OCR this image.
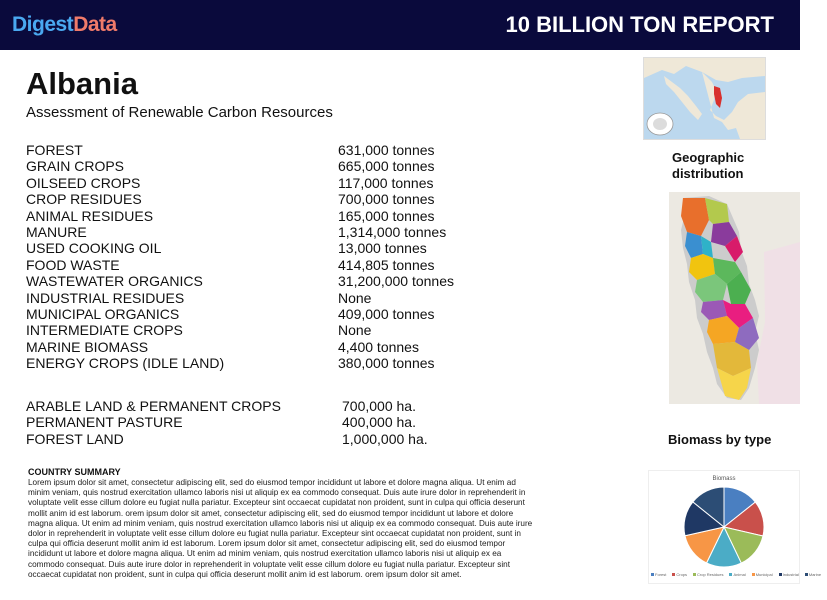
DigestData	10 BILLION TON REPORT
Albania
Assessment of Renewable Carbon Resources
FOREST	631,000 tonnes
GRAIN CROPS	665,000 tonnes
OILSEED CROPS	117,000 tonnes
CROP RESIDUES	700,000 tonnes
ANIMAL RESIDUES	165,000 tonnes
MANURE	1,314,000 tonnes
USED COOKING OIL	13,000 tonnes
FOOD WASTE	414,805 tonnes
WASTEWATER ORGANICS	31,200,000 tonnes
INDUSTRIAL RESIDUES	None
MUNICIPAL ORGANICS	409,000 tonnes
INTERMEDIATE CROPS	None
MARINE BIOMASS	4,400 tonnes
ENERGY CROPS (IDLE LAND)	380,000 tonnes
ARABLE LAND & PERMANENT CROPS	700,000 ha.
PERMANENT PASTURE	400,000 ha.
FOREST LAND	1,000,000 ha.
COUNTRY SUMMARY

Lorem ipsum dolor sit amet, consectetur adipiscing elit, sed do eiusmod tempor incididunt ut labore et dolore magna aliqua. Ut enim ad minim veniam, quis nostrud exercitation ullamco laboris nisi ut aliquip ex ea commodo consequat. Duis aute irure dolor in reprehenderit in voluptate velit esse cillum dolore eu fugiat nulla pariatur. Excepteur sint occaecat cupidatat non proident, sunt in culpa qui officia deserunt mollit anim id est laborum. orem ipsum dolor sit amet, consectetur adipiscing elit, sed do eiusmod tempor incididunt ut labore et dolore magna aliqua. Ut enim ad minim veniam, quis nostrud exercitation ullamco laboris nisi ut aliquip ex ea commodo consequat. Duis aute irure dolor in reprehenderit in voluptate velit esse cillum dolore eu fugiat nulla pariatur. Excepteur sint occaecat cupidatat non proident, sunt in culpa qui officia deserunt mollit anim id est laborum. Lorem ipsum dolor sit amet, consectetur adipiscing elit, sed do eiusmod tempor incididunt ut labore et dolore magna aliqua. Ut enim ad minim veniam, quis nostrud exercitation ullamco laboris nisi ut aliquip ex ea commodo consequat. Duis aute irure dolor in reprehenderit in voluptate velit esse cillum dolore eu fugiat nulla pariatur. Excepteur sint occaecat cupidatat non proident, sunt in culpa qui officia deserunt mollit anim id est laborum. orem ipsum dolor sit amet.

Geographic distribution
Biomass by type
Biomass
Forest	Crops	Crop Residues	Animal	Municipal	Industrial	Marine
